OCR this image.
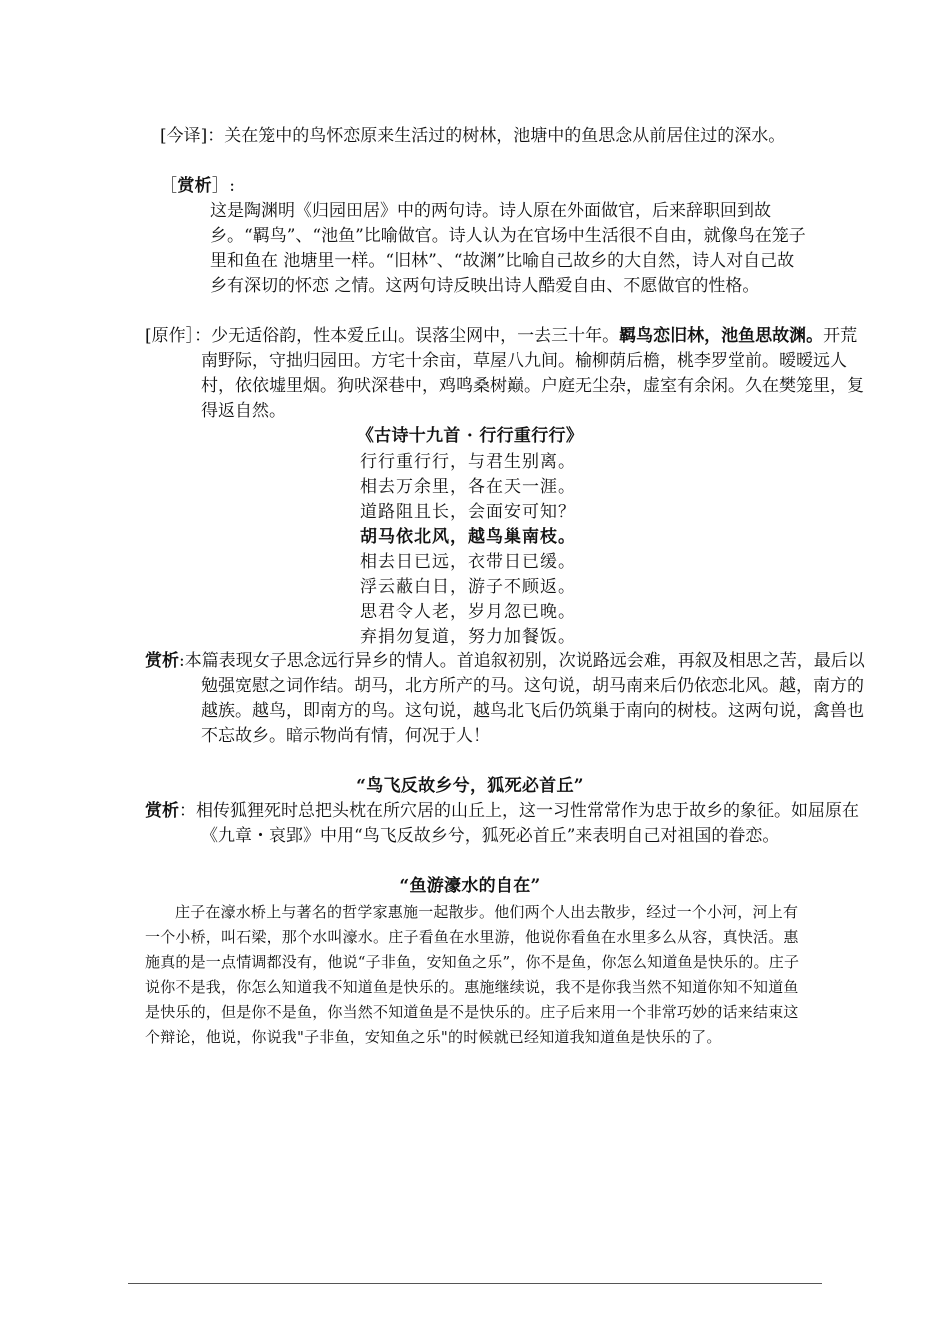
[今译]：关在笼中的鸟怀恋原来生活过的树林，池塘中的鱼思念从前居住过的深水。
［赏析］:
这是陶渊明《归园田居》中的两句诗。诗人原在外面做官，后来辞职回到故乡。“羁鸟”、“池鱼”比喻做官。诗人认为在官场中生活很不自由，就像鸟在笼子里和鱼在 池塘里一样。“旧林”、“故渊”比喻自己故乡的大自然，诗人对自己故乡有深切的怀恋 之情。这两句诗反映出诗人酷爱自由、不愿做官的性格。
[原作］：少无适俗韵，性本爱丘山。误落尘网中，一去三十年。羁鸟恋旧林，池鱼思故渊。开荒南野际，守拙归园田。方宅十余亩，草屋八九间。榆柳荫后檐，桃李罗堂前。暧暧远人村，依依墟里烟。狗吠深巷中，鸡鸣桑树巅。户庭无尘杂，虚室有余闲。久在樊笼里，复得返自然。
《古诗十九首 · 行行重行行》
行行重行行，与君生别离。
相去万余里，各在天一涯。
道路阻且长，会面安可知？
胡马依北风，越鸟巢南枝。
相去日已远，衣带日已缓。
浮云蔽白日，游子不顾返。
思君令人老，岁月忽已晚。
弃捐勿复道，努力加餐饭。
赏析:本篇表现女子思念远行异乡的情人。首追叙初别，次说路远会难，再叙及相思之苦，最后以勉强宽慰之词作结。胡马，北方所产的马。这句说，胡马南来后仍依恋北风。越，南方的越族。越鸟，即南方的鸟。这句说，越鸟北飞后仍筑巢于南向的树枝。这两句说，禽兽也不忘故乡。暗示物尚有情，何况于人！
“鸟飞反故乡兮，狐死必首丘”
赏析：相传狐狸死时总把头枕在所穴居的山丘上，这一习性常常作为忠于故乡的象征。如屈原在《九章・哀郢》中用“鸟飞反故乡兮，狐死必首丘”来表明自己对祖国的眷恋。
“鱼游濠水的自在”
庄子在濠水桥上与著名的哲学家惠施一起散步。他们两个人出去散步，经过一个小河，河上有一个小桥，叫石梁，那个水叫濠水。庄子看鱼在水里游，他说你看鱼在水里多么从容，真快活。惠施真的是一点情调都没有，他说“子非鱼，安知鱼之乐”，你不是鱼，你怎么知道鱼是快乐的。庄子说你不是我，你怎么知道我不知道鱼是快乐的。惠施继续说，我不是你我当然不知道你知不知道鱼是快乐的，但是你不是鱼，你当然不知道鱼是不是快乐的。庄子后来用一个非常巧妙的话来结束这个辩论，他说，你说我"子非鱼，安知鱼之乐"的时候就已经知道我知道鱼是快乐的了。
